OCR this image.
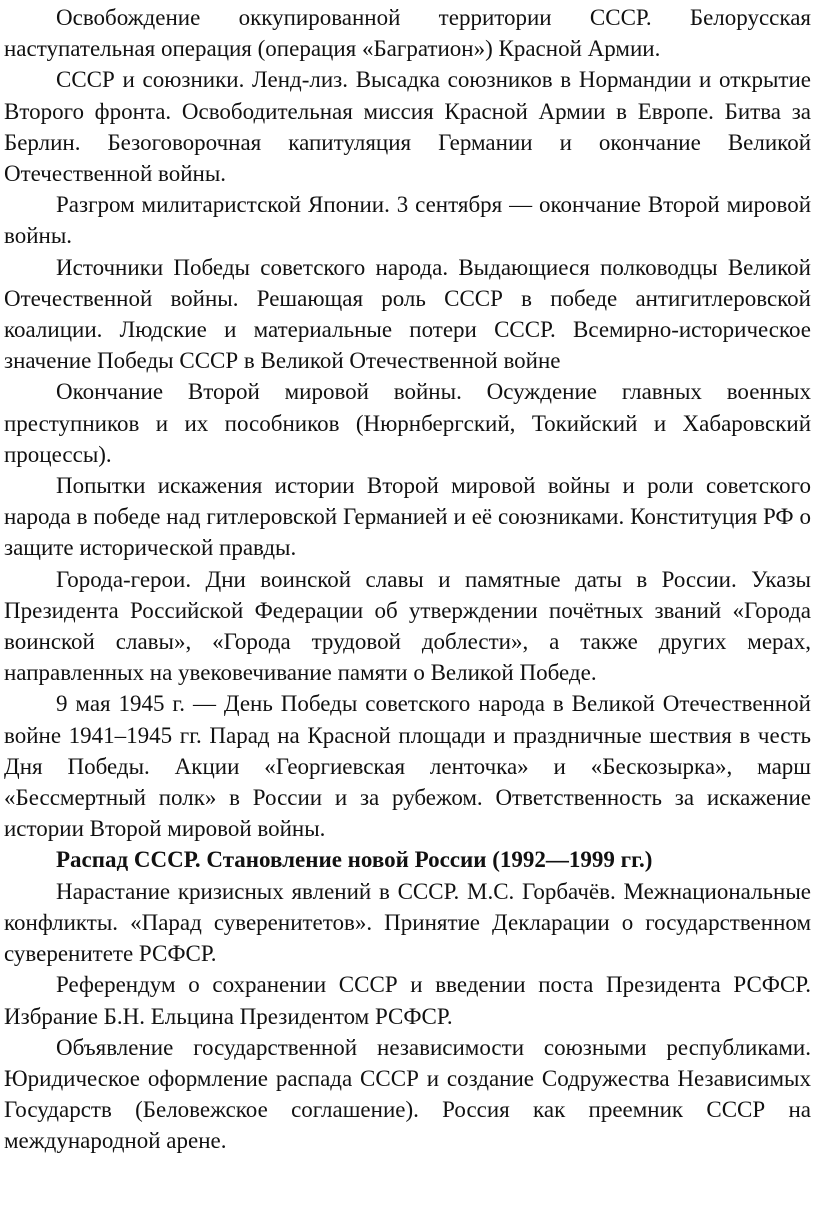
Освобождение оккупированной территории СССР. Белорусская наступательная операция (операция «Багратион») Красной Армии.

СССР и союзники. Ленд-лиз. Высадка союзников в Нормандии и открытие Второго фронта. Освободительная миссия Красной Армии в Европе. Битва за Берлин. Безоговорочная капитуляция Германии и окончание Великой Отечественной войны.

Разгром милитаристской Японии. 3 сентября — окончание Второй мировой войны.

Источники Победы советского народа. Выдающиеся полководцы Великой Отечественной войны. Решающая роль СССР в победе антигитлеровской коалиции. Людские и материальные потери СССР. Всемирно-историческое значение Победы СССР в Великой Отечественной войне

Окончание Второй мировой войны. Осуждение главных военных преступников и их пособников (Нюрнбергский, Токийский и Хабаровский процессы).

Попытки искажения истории Второй мировой войны и роли советского народа в победе над гитлеровской Германией и её союзниками. Конституция РФ о защите исторической правды.

Города-герои. Дни воинской славы и памятные даты в России. Указы Президента Российской Федерации об утверждении почётных званий «Города воинской славы», «Города трудовой доблести», а также других мерах, направленных на увековечивание памяти о Великой Победе.

9 мая 1945 г. — День Победы советского народа в Великой Отечественной войне 1941–1945 гг. Парад на Красной площади и праздничные шествия в честь Дня Победы. Акции «Георгиевская ленточка» и «Бескозырка», марш «Бессмертный полк» в России и за рубежом. Ответственность за искажение истории Второй мировой войны.

Распад СССР. Становление новой России (1992—1999 гг.)

Нарастание кризисных явлений в СССР. М.С. Горбачёв. Межнациональные конфликты. «Парад суверенитетов». Принятие Декларации о государственном суверенитете РСФСР.

Референдум о сохранении СССР и введении поста Президента РСФСР. Избрание Б.Н. Ельцина Президентом РСФСР.

Объявление государственной независимости союзными республиками. Юридическое оформление распада СССР и создание Содружества Независимых Государств (Беловежское соглашение). Россия как преемник СССР на международной арене.
